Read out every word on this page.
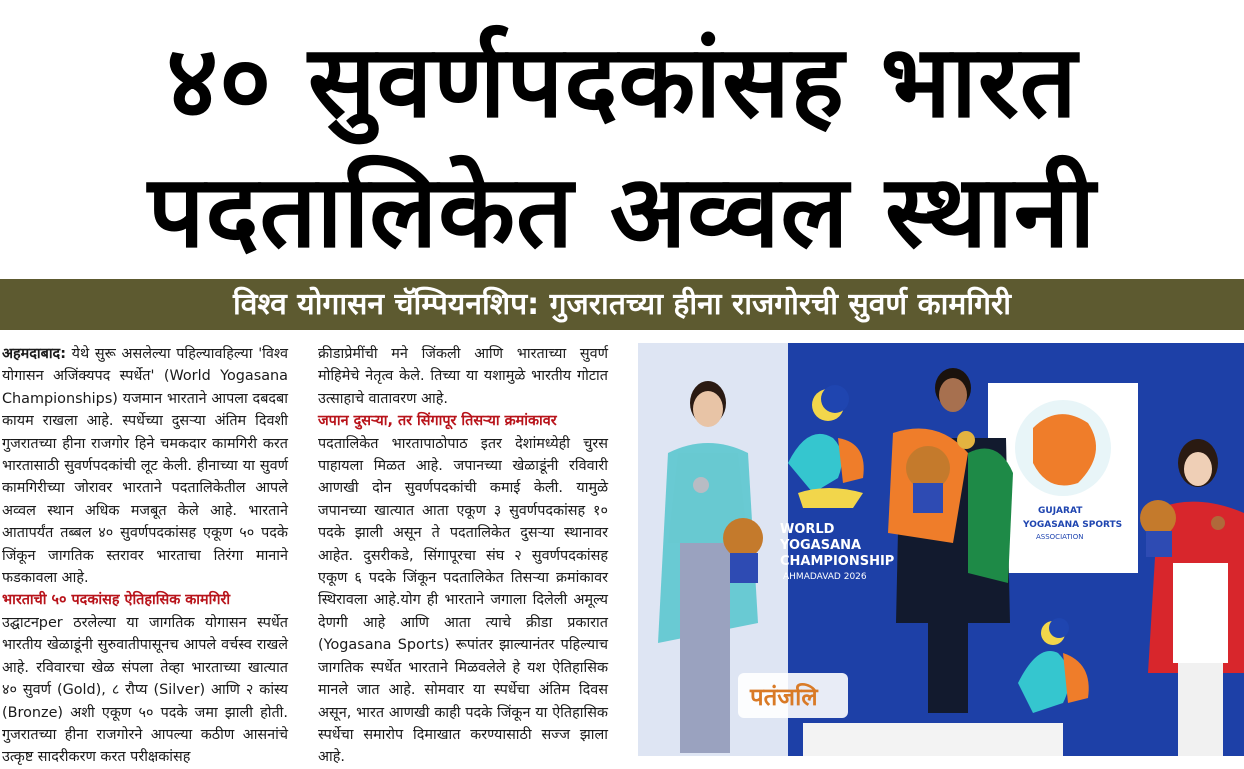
४० सुवर्णपदकांसह भारत
पदतालिकेत अव्वल स्थानी
विश्व योगासन चॅम्पियनशिप: गुजरातच्या हीना राजगोरची सुवर्ण कामगिरी

अहमदाबाद: येथे सुरू असलेल्या पहिल्यावहिल्या 'विश्व योगासन अजिंक्यपद स्पर्धेत' (World Yogasana Championships) यजमान भारताने आपला दबदबा कायम राखला आहे. स्पर्धेच्या दुसऱ्या अंतिम दिवशी गुजरातच्या हीना राजगोर हिने चमकदार कामगिरी करत भारतासाठी सुवर्णपदकांची लूट केली. हीनाच्या या सुवर्ण कामगिरीच्या जोरावर भारताने पदतालिकेतील आपले अव्वल स्थान अधिक मजबूत केले आहे. भारताने आतापर्यंत तब्बल ४० सुवर्णपदकांसह एकूण ५० पदके जिंकून जागतिक स्तरावर भारताचा तिरंगा मानाने फडकावला आहे.

भारताची ५० पदकांसह ऐतिहासिक कामगिरी

उद्घाटनper ठरलेल्या या जागतिक योगासन स्पर्धेत भारतीय खेळाडूंनी सुरुवातीपासूनच आपले वर्चस्व राखले आहे. रविवारचा खेळ संपला तेव्हा भारताच्या खात्यात ४० सुवर्ण (Gold), ८ रौप्य (Silver) आणि २ कांस्य (Bronze) अशी एकूण ५० पदके जमा झाली होती. गुजरातच्या हीना राजगोरने आपल्या कठीण आसनांचे उत्कृष्ट सादरीकरण करत परीक्षकांसह

क्रीडाप्रेमींची मने जिंकली आणि भारताच्या सुवर्ण मोहिमेचे नेतृत्व केले. तिच्या या यशामुळे भारतीय गोटात उत्साहाचे वातावरण आहे.

जपान दुसऱ्या, तर सिंगापूर तिसऱ्या क्रमांकावर

पदतालिकेत भारतापाठोपाठ इतर देशांमध्येही चुरस पाहायला मिळत आहे. जपानच्या खेळाडूंनी रविवारी आणखी दोन सुवर्णपदकांची कमाई केली. यामुळे जपानच्या खात्यात आता एकूण ३ सुवर्णपदकांसह १० पदके झाली असून ते पदतालिकेत दुसऱ्या स्थानावर आहेत. दुसरीकडे, सिंगापूरचा संघ २ सुवर्णपदकांसह एकूण ६ पदके जिंकून पदतालिकेत तिसऱ्या क्रमांकावर स्थिरावला आहे.योग ही भारताने जगाला दिलेली अमूल्य देणगी आहे आणि आता त्याचे क्रीडा प्रकारात (Yogasana Sports) रूपांतर झाल्यानंतर पहिल्याच जागतिक स्पर्धेत भारताने मिळवलेले हे यश ऐतिहासिक मानले जात आहे. सोमवार या स्पर्धेचा अंतिम दिवस असून, भारत आणखी काही पदके जिंकून या ऐतिहासिक स्पर्धेचा समारोप दिमाखात करण्यासाठी सज्ज झाला आहे.

WORLD
YOGASANA
CHAMPIONSHIP
AHMADAVAD 2026
GUJARAT
YOGASANA SPORTS
ASSOCIATION
पतंजलि
